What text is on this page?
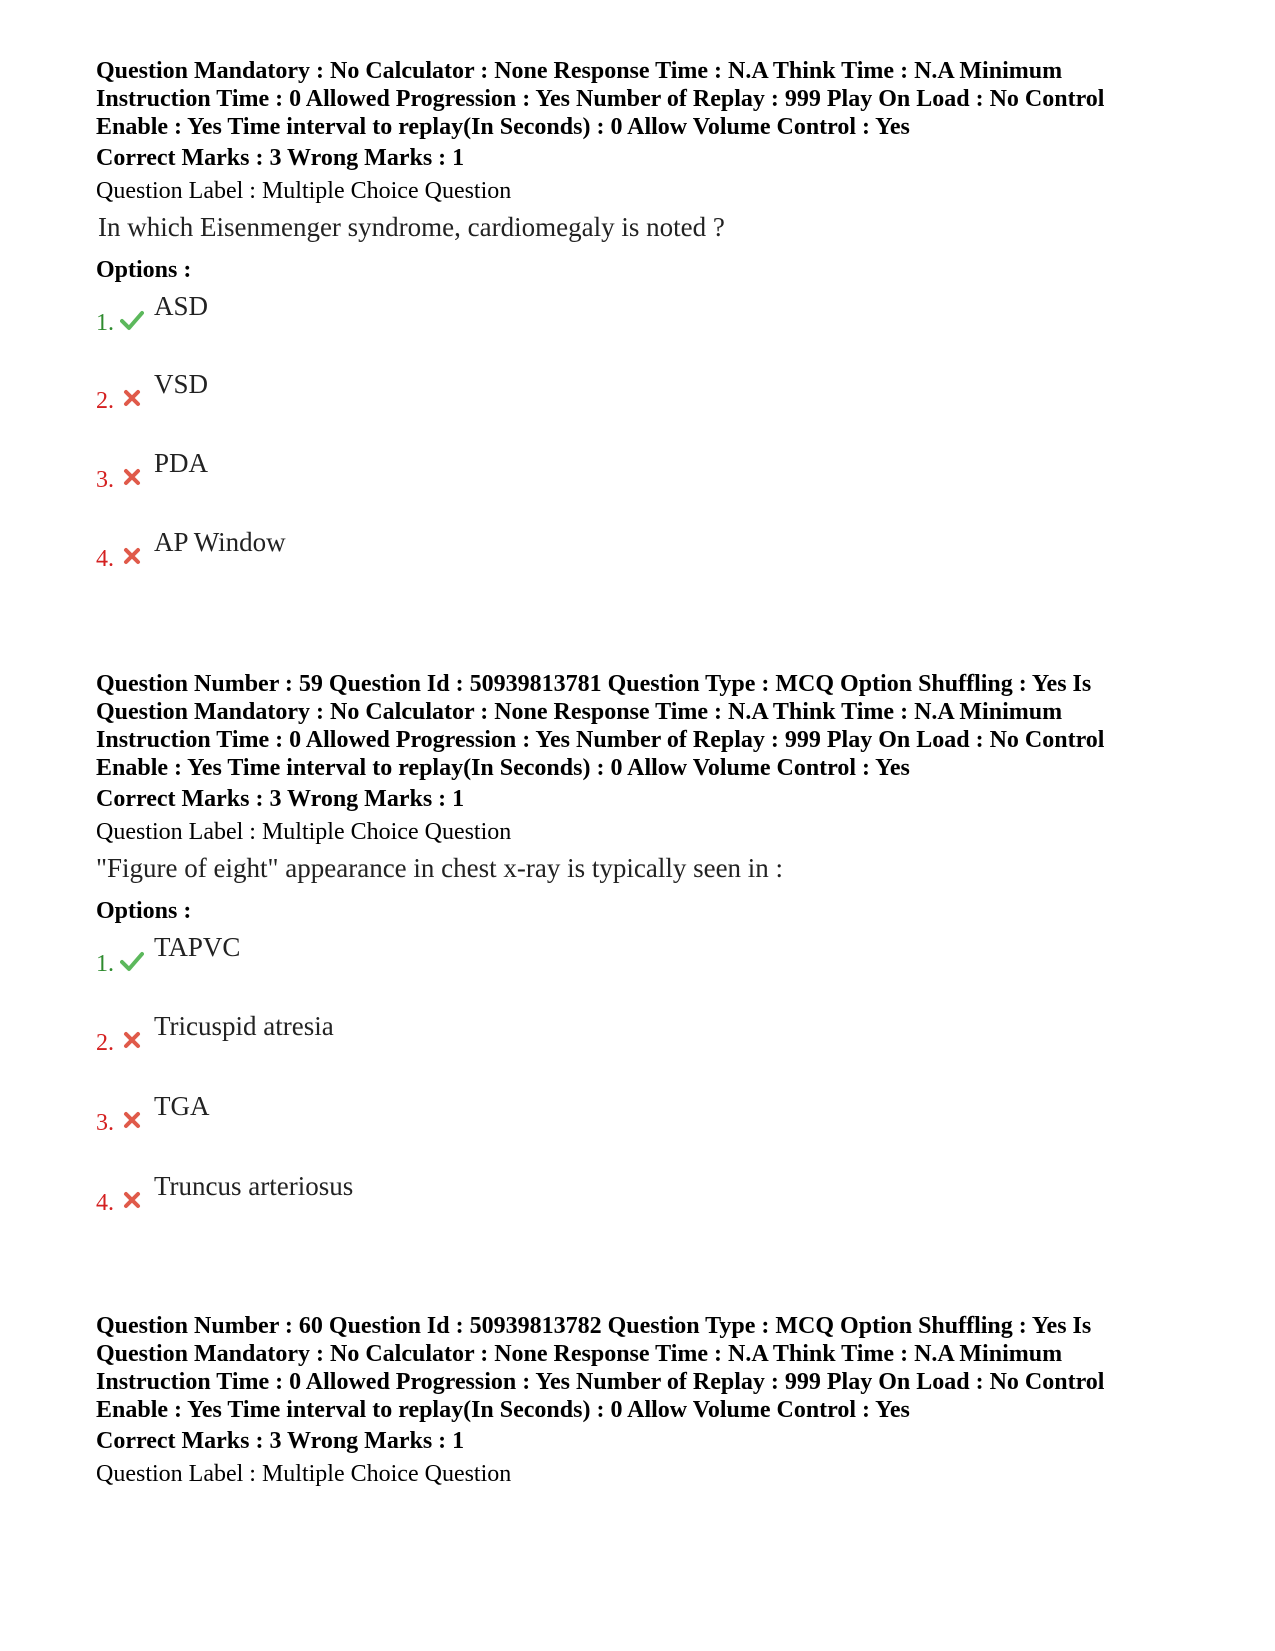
Question Mandatory : No Calculator : None Response Time : N.A Think Time : N.A Minimum
Instruction Time : 0 Allowed Progression : Yes Number of Replay : 999 Play On Load : No Control
Enable : Yes Time interval to replay(In Seconds) : 0 Allow Volume Control : Yes
Correct Marks : 3 Wrong Marks : 1
Question Label : Multiple Choice Question
In which Eisenmenger syndrome, cardiomegaly is noted ?
Options :
1.
ASD
2.
VSD
3.
PDA
4.
AP Window
Question Number : 59 Question Id : 50939813781 Question Type : MCQ Option Shuffling : Yes Is
Question Mandatory : No Calculator : None Response Time : N.A Think Time : N.A Minimum
Instruction Time : 0 Allowed Progression : Yes Number of Replay : 999 Play On Load : No Control
Enable : Yes Time interval to replay(In Seconds) : 0 Allow Volume Control : Yes
Correct Marks : 3 Wrong Marks : 1
Question Label : Multiple Choice Question
"Figure of eight" appearance in chest x-ray is typically seen in :
Options :
1.
TAPVC
2.
Tricuspid atresia
3.
TGA
4.
Truncus arteriosus
Question Number : 60 Question Id : 50939813782 Question Type : MCQ Option Shuffling : Yes Is
Question Mandatory : No Calculator : None Response Time : N.A Think Time : N.A Minimum
Instruction Time : 0 Allowed Progression : Yes Number of Replay : 999 Play On Load : No Control
Enable : Yes Time interval to replay(In Seconds) : 0 Allow Volume Control : Yes
Correct Marks : 3 Wrong Marks : 1
Question Label : Multiple Choice Question
